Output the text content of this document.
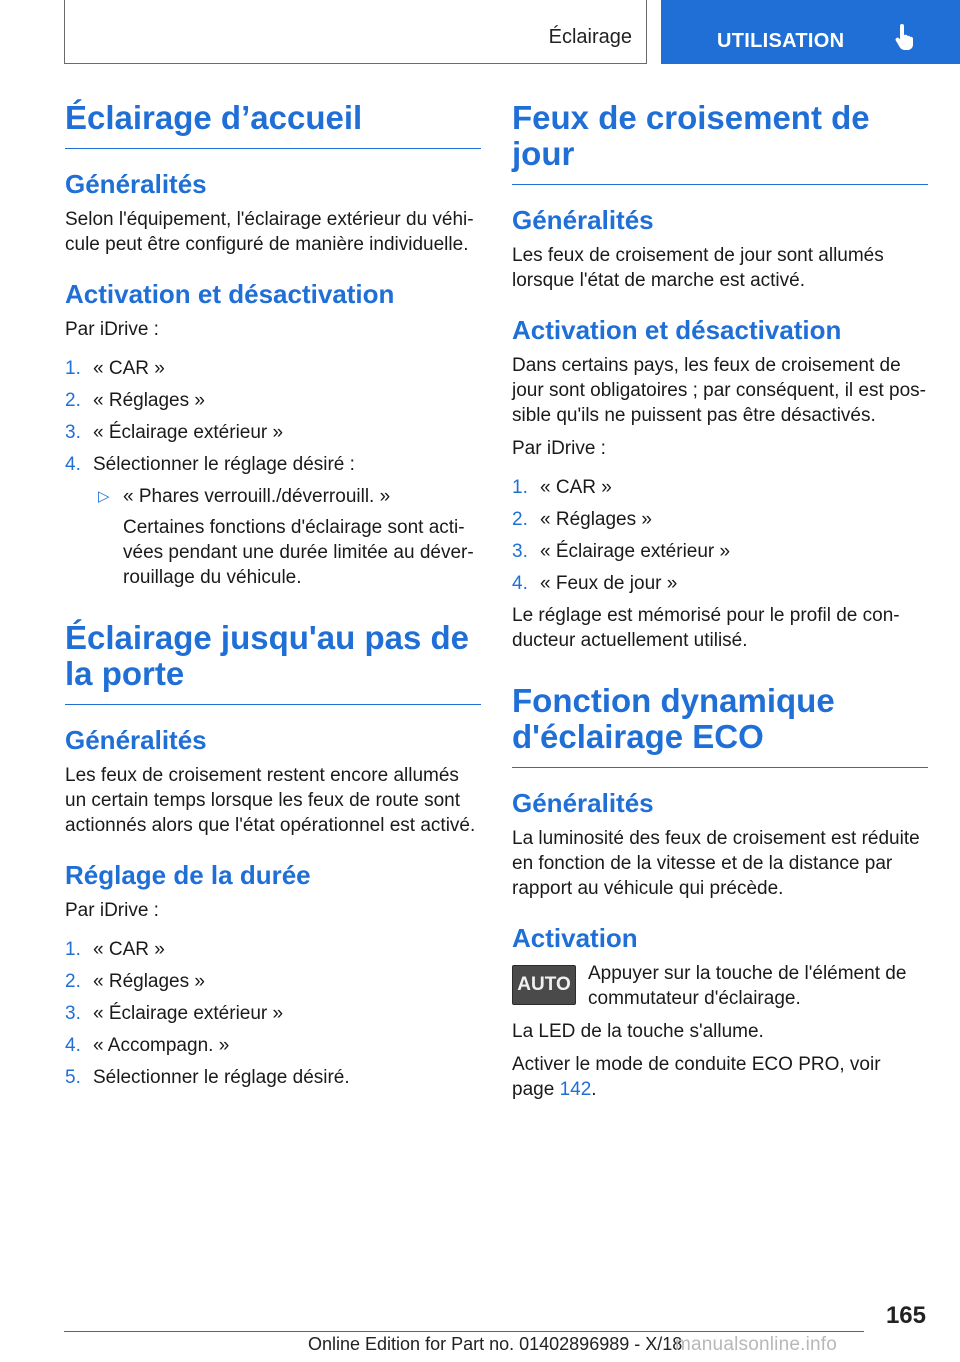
Éclairage	UTILISATION
Éclairage d’accueil
Généralités

Selon l'équipement, l'éclairage extérieur du véhi-cule peut être configuré de manière individuelle.

Activation et désactivation

Par iDrive :

1. « CAR »
2. « Réglages »
3. « Éclairage extérieur »
4. Sélectionner le réglage désiré :
▷ « Phares verrouill./déverrouill. »
Certaines fonctions d'éclairage sont acti-vées pendant une durée limitée au déver-rouillage du véhicule.
Éclairage jusqu'au pas de la porte
Généralités

Les feux de croisement restent encore allumés un certain temps lorsque les feux de route sont actionnés alors que l'état opérationnel est activé.

Réglage de la durée

Par iDrive :

1. « CAR »
2. « Réglages »
3. « Éclairage extérieur »
4. « Accompagn. »
5. Sélectionner le réglage désiré.
Feux de croisement de jour
Généralités

Les feux de croisement de jour sont allumés lorsque l'état de marche est activé.

Activation et désactivation

Dans certains pays, les feux de croisement de jour sont obligatoires ; par conséquent, il est pos-sible qu'ils ne puissent pas être désactivés.

Par iDrive :

1. « CAR »
2. « Réglages »
3. « Éclairage extérieur »
4. « Feux de jour »

Le réglage est mémorisé pour le profil de con-ducteur actuellement utilisé.

Fonction dynamique d'éclairage ECO
Généralités

La luminosité des feux de croisement est réduite en fonction de la vitesse et de la distance par rapport au véhicule qui précède.

Activation
AUTO

Appuyer sur la touche de l'élément de commutateur d'éclairage.

La LED de la touche s'allume.

Activer le mode de conduite ECO PRO, voir page 142.

165
Online Edition for Part no. 01402896989 - X/18
manualsonline.info
